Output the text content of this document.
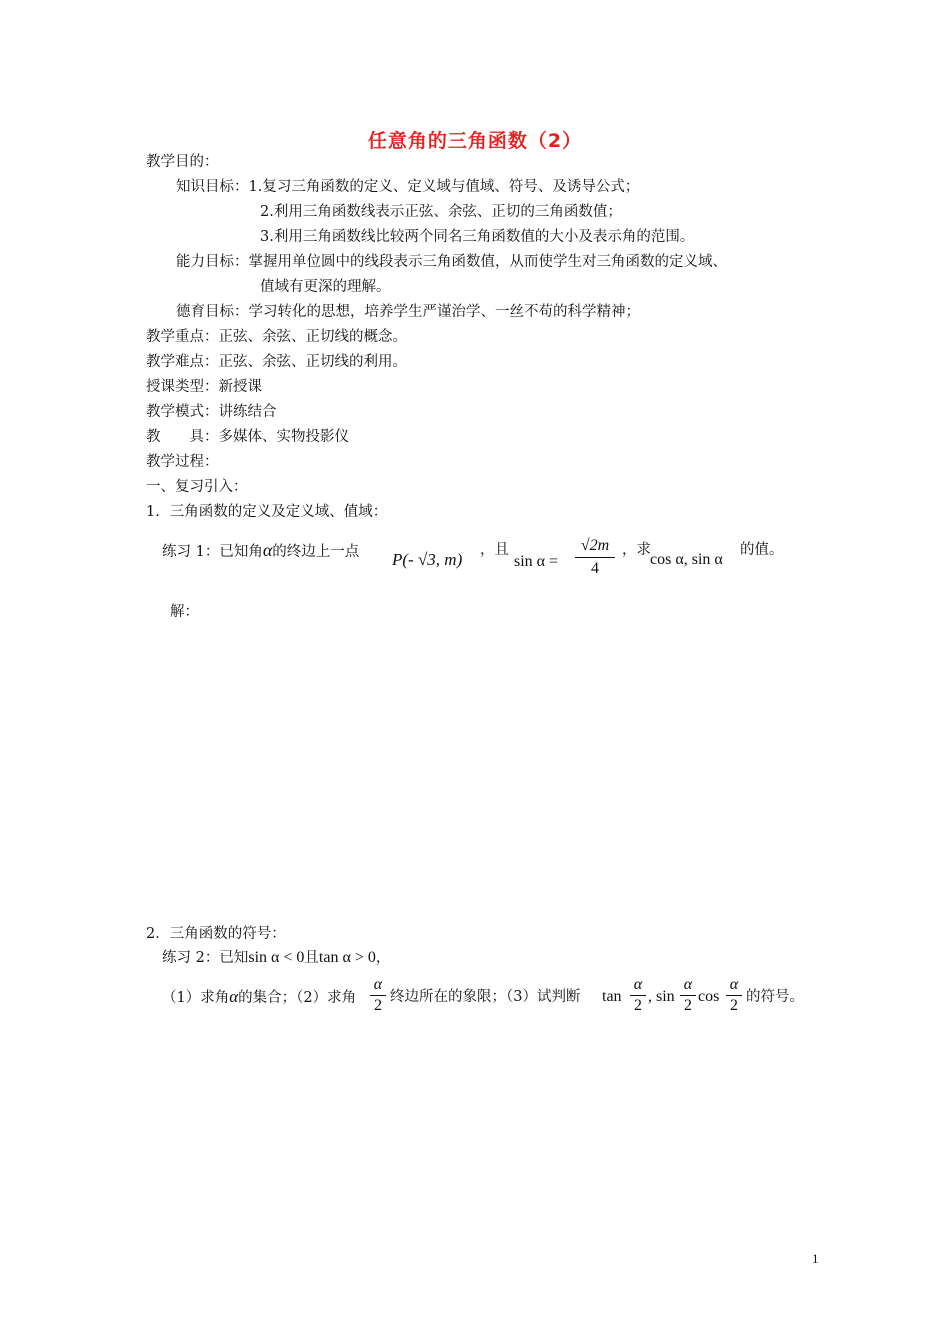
任意角的三角函数（2）
教学目的：
知识目标：1.复习三角函数的定义、定义域与值域、符号、及诱导公式；
2.利用三角函数线表示正弦、余弦、正切的三角函数值；
3.利用三角函数线比较两个同名三角函数值的大小及表示角的范围。
能力目标：掌握用单位圆中的线段表示三角函数值，从而使学生对三角函数的定义域、
值域有更深的理解。
德育目标：学习转化的思想，培养学生严谨治学、一丝不苟的科学精神；
教学重点：正弦、余弦、正切线的概念。
教学难点：正弦、余弦、正切线的利用。
授课类型：新授课
教学模式：讲练结合
教　　具：多媒体、实物投影仪
教学过程：
一、复习引入：
1．三角函数的定义及定义域、值域：
练习 1：已知角α的终边上一点 P(- √3, m) ，且
sin α =
√2m
4
，求
cos α, sin α
的值。
解：
2．三角函数的符号：
练习 2：已知sin α < 0且tan α > 0，
（1）求角α的集合；（2）求角
α
2 终边所在的象限；（3）试判断 tan
α
2
, sin
α
2
cos
α
2 的符号。
1
